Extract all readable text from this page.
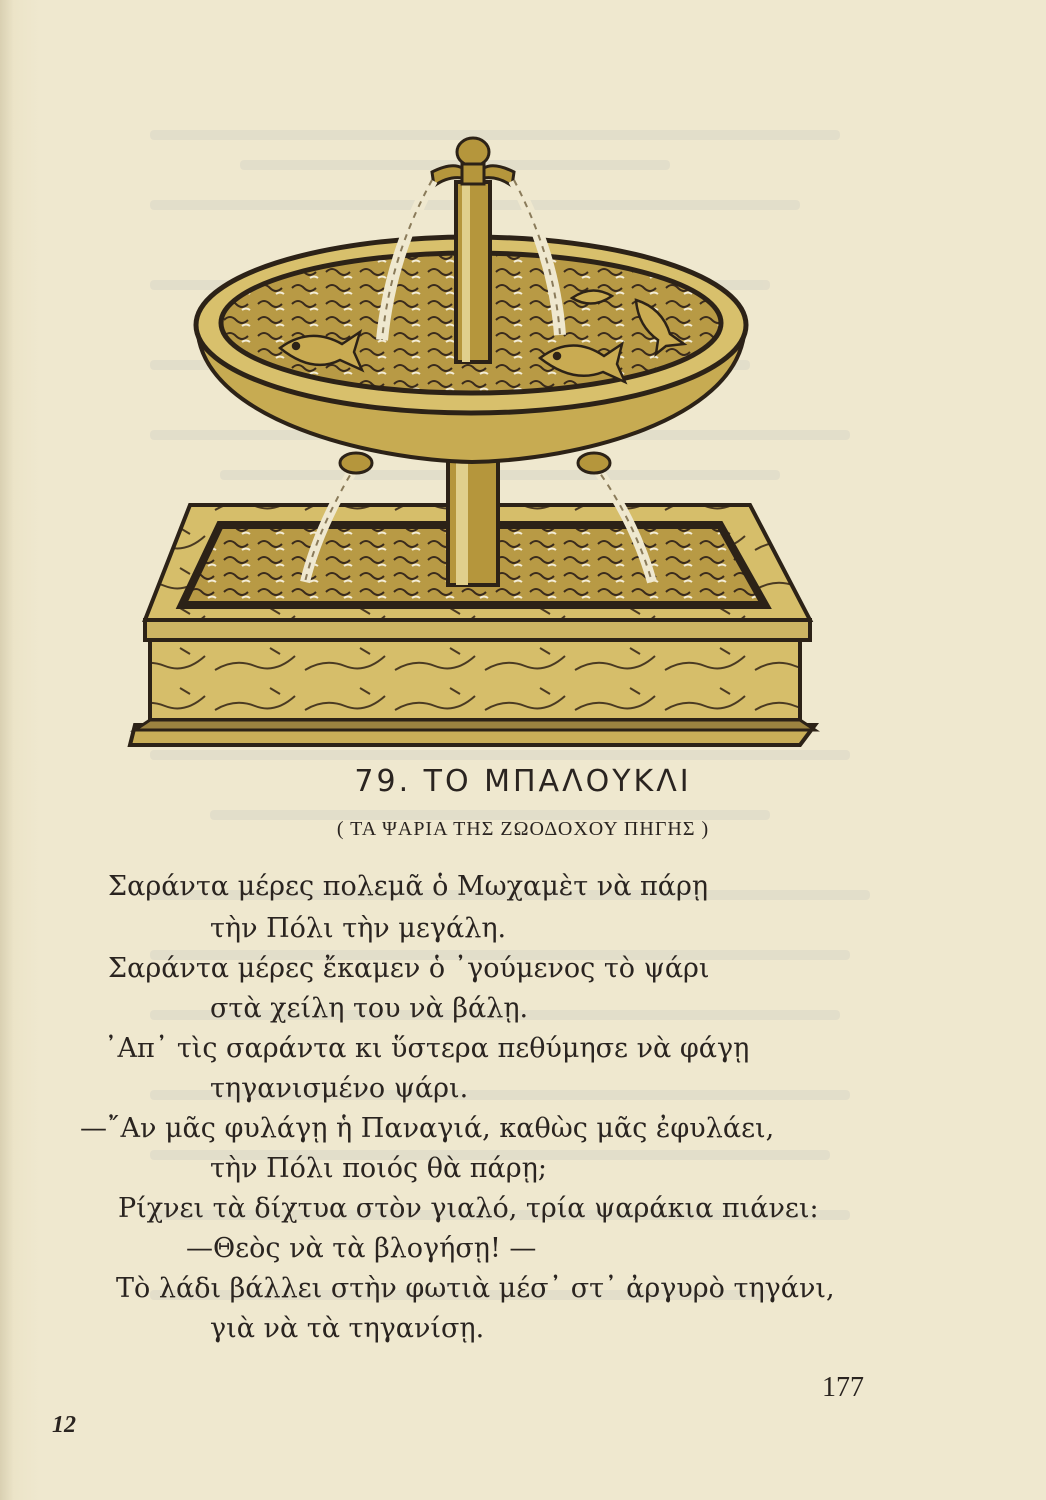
79. ΤΟ ΜΠΑΛΟΥΚΛΙ
( ΤΑ ΨΑΡΙΑ ΤΗΣ ΖΩΟΔΟΧΟΥ ΠΗΓΗΣ )
Σαράντα μέρες πολεμᾶ ὁ Μωχαμὲτ νὰ πάρῃ
τὴν Πόλι τὴν μεγάλη.
Σαράντα μέρες ἔκαμεν ὁ ᾽γούμενος τὸ ψάρι
στὰ χείλη του νὰ βάλῃ.
᾽Απ᾽ τὶς σαράντα κι ὕστερα πεθύμησε νὰ φάγῃ
τηγανισμένο ψάρι.
—῎Αν μᾶς φυλάγῃ ἡ Παναγιά, καθὼς μᾶς ἐφυλάει,
τὴν Πόλι ποιός θὰ πάρῃ;
Ρίχνει τὰ δίχτυα στὸν γιαλό, τρία ψαράκια πιάνει:
—Θεὸς νὰ τὰ βλογήσῃ! —
Τὸ λάδι βάλλει στὴν φωτιὰ μέσ᾽ στ᾽ ἀργυρὸ τηγάνι,
γιὰ νὰ τὰ τηγανίσῃ.
177
12
